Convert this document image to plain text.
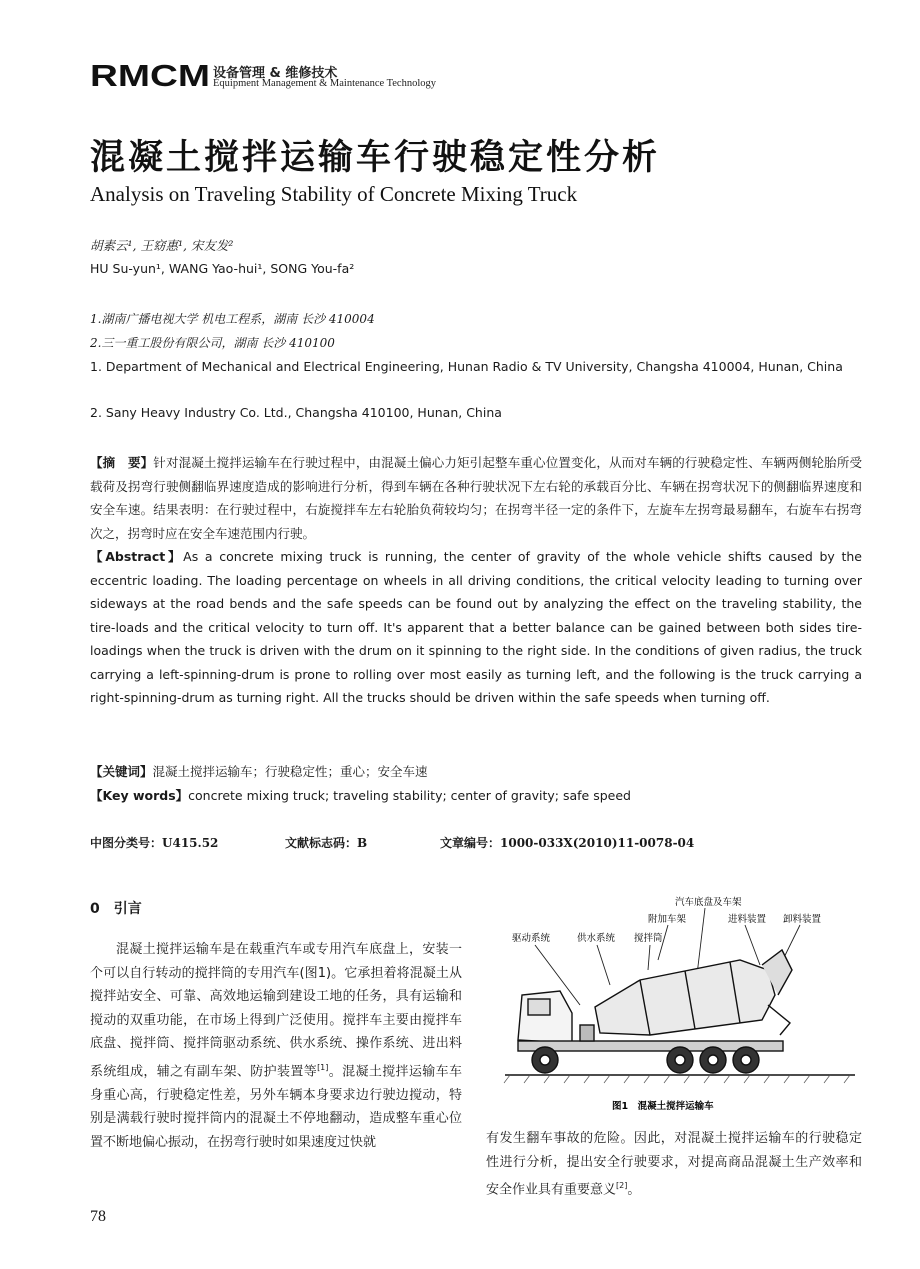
RMCM 设备管理 & 维修技术
Equipment Management & Maintenance Technology
混凝土搅拌运输车行驶稳定性分析
Analysis on Traveling Stability of Concrete Mixing Truck
胡素云¹, 王窈惠¹, 宋友发²
HU Su-yun¹, WANG Yao-hui¹, SONG You-fa²
1.湖南广播电视大学 机电工程系，湖南 长沙 410004
2.三一重工股份有限公司，湖南 长沙 410100
1. Department of Mechanical and Electrical Engineering, Hunan Radio & TV University, Changsha 410004, Hunan, China
2. Sany Heavy Industry Co. Ltd., Changsha 410100, Hunan, China
【摘　要】针对混凝土搅拌运输车在行驶过程中，由混凝土偏心力矩引起整车重心位置变化，从而对车辆的行驶稳定性、车辆两侧轮胎所受载荷及拐弯行驶侧翻临界速度造成的影响进行分析，得到车辆在各种行驶状况下左右轮的承载百分比、车辆在拐弯状况下的侧翻临界速度和安全车速。结果表明：在行驶过程中，右旋搅拌车左右轮胎负荷较均匀；在拐弯半径一定的条件下，左旋车左拐弯最易翻车，右旋车右拐弯次之，拐弯时应在安全车速范围内行驶。
【Abstract】As a concrete mixing truck is running, the center of gravity of the whole vehicle shifts caused by the eccentric loading. The loading percentage on wheels in all driving conditions, the critical velocity leading to turning over sideways at the road bends and the safe speeds can be found out by analyzing the effect on the traveling stability, the tire-loads and the critical velocity to turn off. It's apparent that a better balance can be gained between both sides tire-loadings when the truck is driven with the drum on it spinning to the right side. In the conditions of given radius, the truck carrying a left-spinning-drum is prone to rolling over most easily as turning left, and the following is the truck carrying a right-spinning-drum as turning right. All the trucks should be driven within the safe speeds when turning off.
【关键词】混凝土搅拌运输车；行驶稳定性；重心；安全车速
【Key words】concrete mixing truck; traveling stability; center of gravity; safe speed
中图分类号：U415.52	文献标志码：B	文章编号：1000-033X(2010)11-0078-04
0　引言
混凝土搅拌运输车是在载重汽车或专用汽车底盘上，安装一个可以自行转动的搅拌筒的专用汽车(图1)。它承担着将混凝土从搅拌站安全、可靠、高效地运输到建设工地的任务，具有运输和搅动的双重功能，在市场上得到广泛使用。搅拌车主要由搅拌车底盘、搅拌筒、搅拌筒驱动系统、供水系统、操作系统、进出料系统组成，辅之有副车架、防护装置等[1]。混凝土搅拌运输车车身重心高，行驶稳定性差，另外车辆本身要求边行驶边搅动，特别是满载行驶时搅拌筒内的混凝土不停地翻动，造成整车重心位置不断地偏心振动，在拐弯行驶时如果速度过快就
汽车底盘及车架
附加车架	进料装置 卸料装置
驱动系统	供水系统 搅拌筒
图1　混凝土搅拌运输车
有发生翻车事故的危险。因此，对混凝土搅拌运输车的行驶稳定性进行分析，提出安全行驶要求，对提高商品混凝土生产效率和安全作业具有重要意义[2]。
78
